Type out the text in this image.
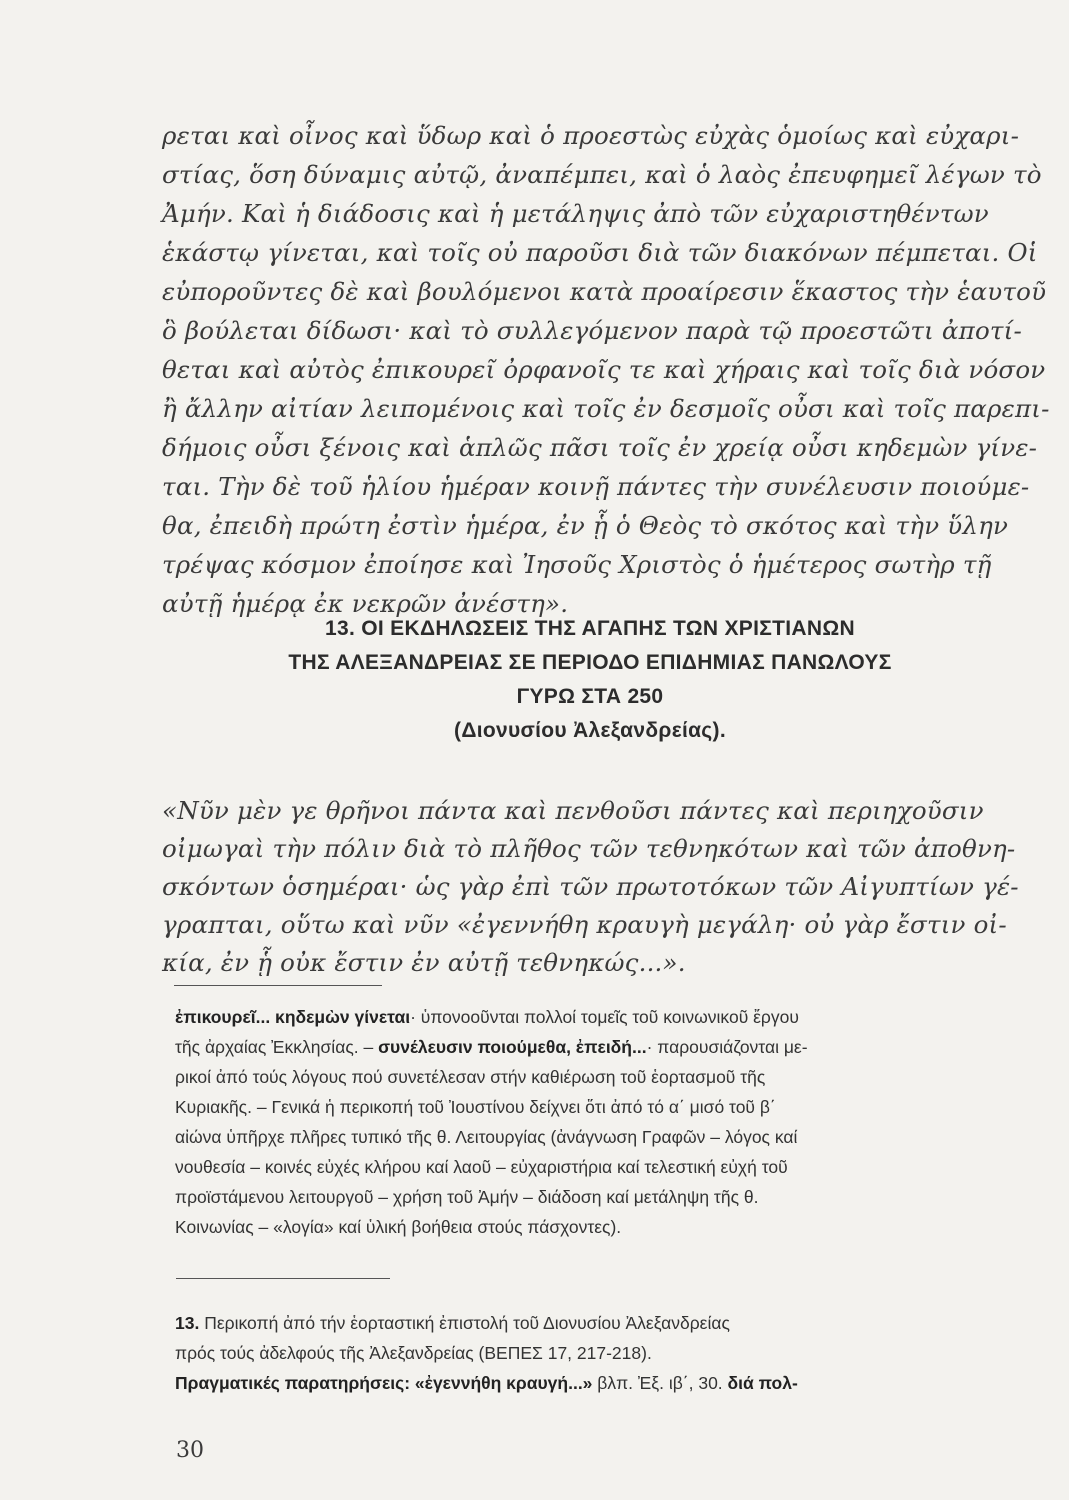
ρεται καὶ οἶνος καὶ ὕδωρ καὶ ὁ προεστὼς εὐχὰς ὁμοίως καὶ εὐχαρι-
στίας, ὅση δύναμις αὐτῷ, ἀναπέμπει, καὶ ὁ λαὸς ἐπευφημεῖ λέγων τὸ
Ἀμήν. Καὶ ἡ διάδοσις καὶ ἡ μετάληψις ἀπὸ τῶν εὐχαριστηθέντων
ἑκάστῳ γίνεται, καὶ τοῖς οὐ παροῦσι διὰ τῶν διακόνων πέμπεται. Οἱ
εὐποροῦντες δὲ καὶ βουλόμενοι κατὰ προαίρεσιν ἕκαστος τὴν ἑαυτοῦ
ὃ βούλεται δίδωσι· καὶ τὸ συλλεγόμενον παρὰ τῷ προεστῶτι ἀποτί-
θεται καὶ αὐτὸς ἐπικουρεῖ ὀρφανοῖς τε καὶ χήραις καὶ τοῖς διὰ νόσον
ἢ ἄλλην αἰτίαν λειπομένοις καὶ τοῖς ἐν δεσμοῖς οὖσι καὶ τοῖς παρεπι-
δήμοις οὖσι ξένοις καὶ ἁπλῶς πᾶσι τοῖς ἐν χρείᾳ οὖσι κηδεμὼν γίνε-
ται. Τὴν δὲ τοῦ ἡλίου ἡμέραν κοινῇ πάντες τὴν συνέλευσιν ποιούμε-
θα, ἐπειδὴ πρώτη ἐστὶν ἡμέρα, ἐν ᾗ ὁ Θεὸς τὸ σκότος καὶ τὴν ὕλην
τρέψας κόσμον ἐποίησε καὶ Ἰησοῦς Χριστὸς ὁ ἡμέτερος σωτὴρ τῇ
αὐτῇ ἡμέρᾳ ἐκ νεκρῶν ἀνέστη».
13. ΟΙ ΕΚΔΗΛΩΣΕΙΣ ΤΗΣ ΑΓΑΠΗΣ ΤΩΝ ΧΡΙΣΤΙΑΝΩΝ
ΤΗΣ ΑΛΕΞΑΝΔΡΕΙΑΣ ΣΕ ΠΕΡΙΟΔΟ ΕΠΙΔΗΜΙΑΣ ΠΑΝΩΛΟΥΣ
ΓΥΡΩ ΣΤΑ 250
(Διονυσίου Ἀλεξανδρείας).
«Νῦν μὲν γε θρῆνοι πάντα καὶ πενθοῦσι πάντες καὶ περιηχοῦσιν
οἰμωγαὶ τὴν πόλιν διὰ τὸ πλῆθος τῶν τεθνηκότων καὶ τῶν ἀποθνη-
σκόντων ὁσημέραι· ὡς γὰρ ἐπὶ τῶν πρωτοτόκων τῶν Αἰγυπτίων γέ-
γραπται, οὕτω καὶ νῦν «ἐγεννήθη κραυγὴ μεγάλη· οὐ γὰρ ἔστιν οἰ-
κία, ἐν ᾗ οὐκ ἔστιν ἐν αὐτῇ τεθνηκώς...».
ἐπικουρεῖ... κηδεμὼν γίνεται· ὑπονοοῦνται πολλοί τομεῖς τοῦ κοινωνικοῦ ἔργου
τῆς ἀρχαίας Ἐκκλησίας. – συνέλευσιν ποιούμεθα, ἐπειδή...· παρουσιάζονται με-
ρικοί ἀπό τούς λόγους πού συνετέλεσαν στήν καθιέρωση τοῦ ἑορτασμοῦ τῆς
Κυριακῆς. – Γενικά ἡ περικοπή τοῦ Ἰουστίνου δείχνει ὅτι ἀπό τό α΄ μισό τοῦ β΄
αἰώνα ὑπῆρχε πλῆρες τυπικό τῆς θ. Λειτουργίας (ἀνάγνωση Γραφῶν – λόγος καί
νουθεσία – κοινές εὐχές κλήρου καί λαοῦ – εὐχαριστήρια καί τελεστική εὐχή τοῦ
προϊστάμενου λειτουργοῦ – χρήση τοῦ Ἀμήν – διάδοση καί μετάληψη τῆς θ.
Κοινωνίας – «λογία» καί ὑλική βοήθεια στούς πάσχοντες).
13. Περικοπή ἀπό τήν ἑορταστική ἐπιστολή τοῦ Διονυσίου Ἀλεξανδρείας
πρός τούς ἀδελφούς τῆς Ἀλεξανδρείας (ΒΕΠΕΣ 17, 217-218).
Πραγματικές παρατηρήσεις: «ἐγεννήθη κραυγή...» βλπ. Ἐξ. ιβ΄, 30. διά πολ-
30
